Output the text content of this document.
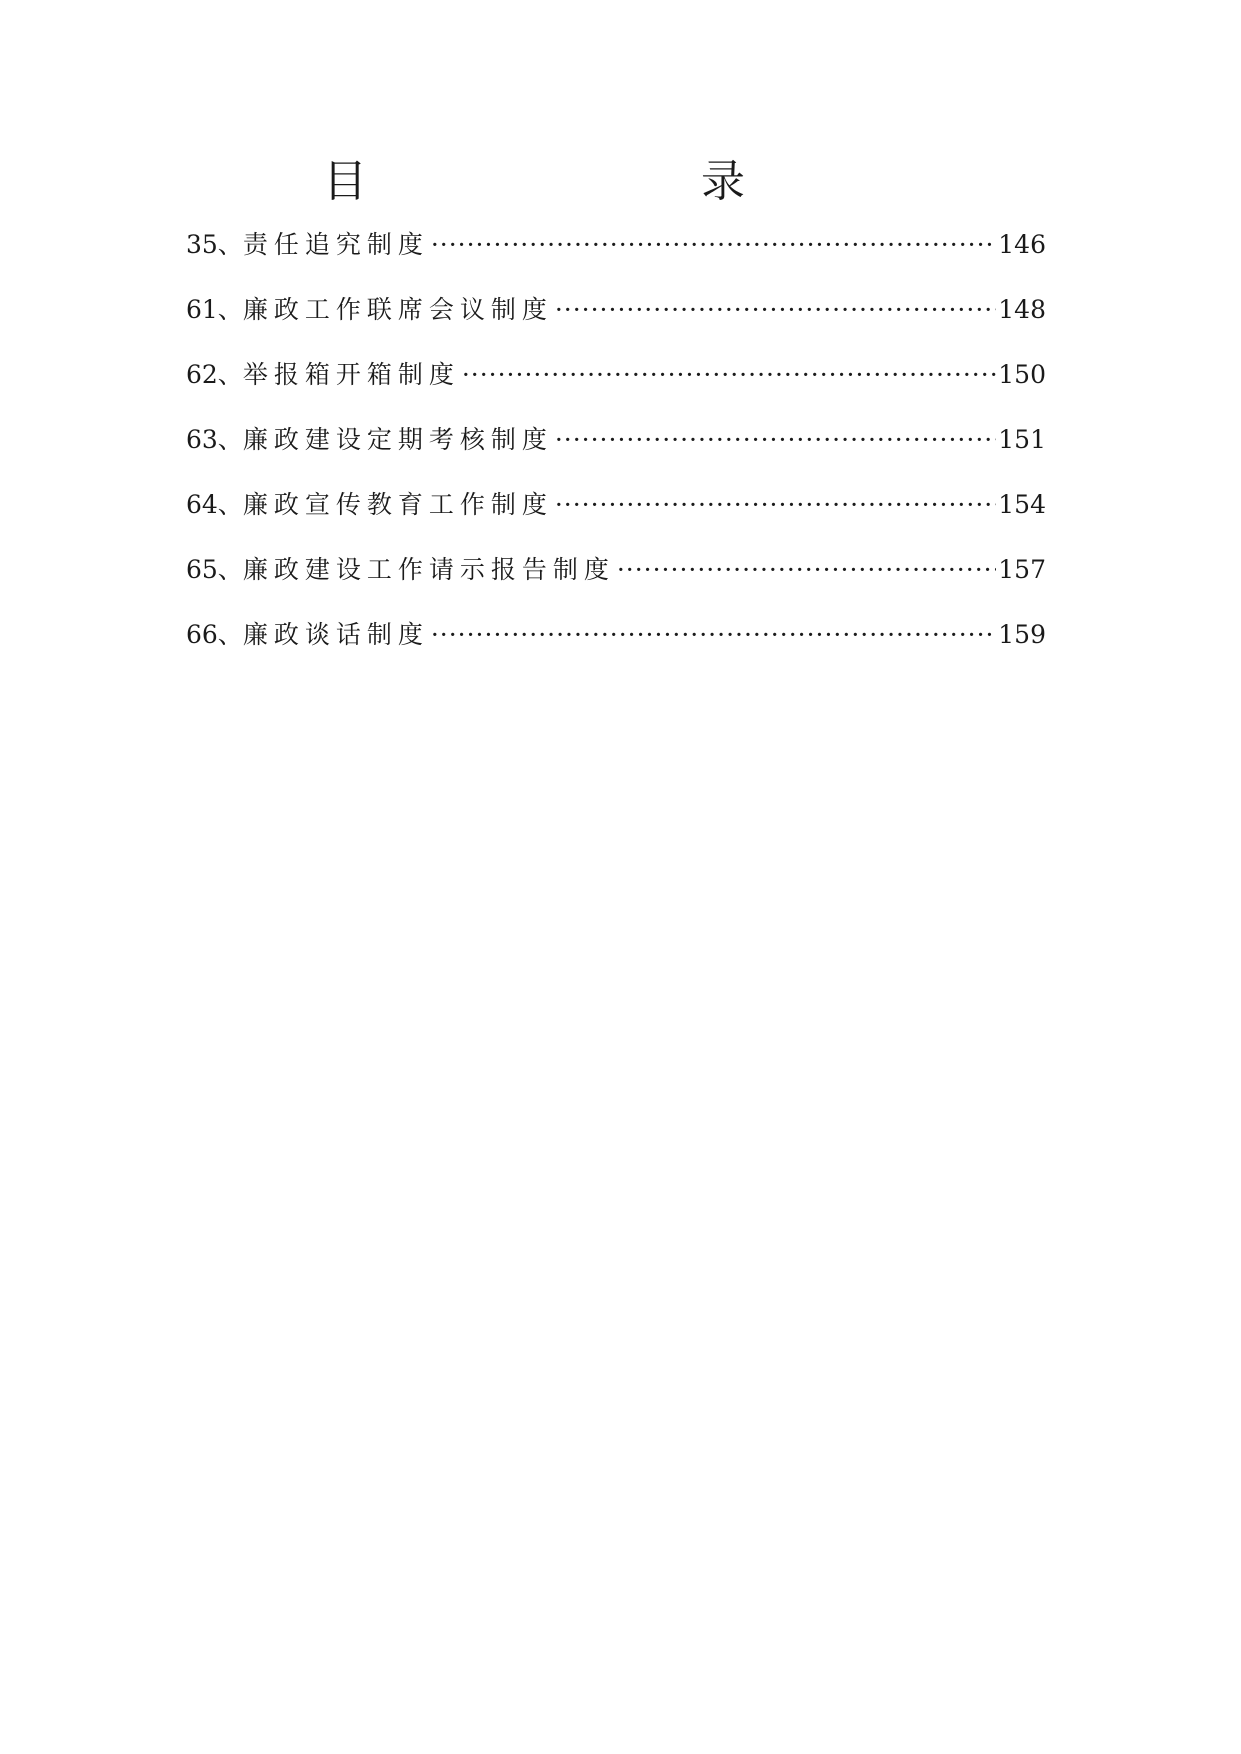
目　　录
35、 责任追究制度 ·····	146
61、 廉政工作联席会议制度 ·····	148
62、 举报箱开箱制度 ·····	150
63、 廉政建设定期考核制度 ·····	151
64、 廉政宣传教育工作制度 ·····	154
65、 廉政建设工作请示报告制度 ·····	157
66、 廉政谈话制度 ·····	159
